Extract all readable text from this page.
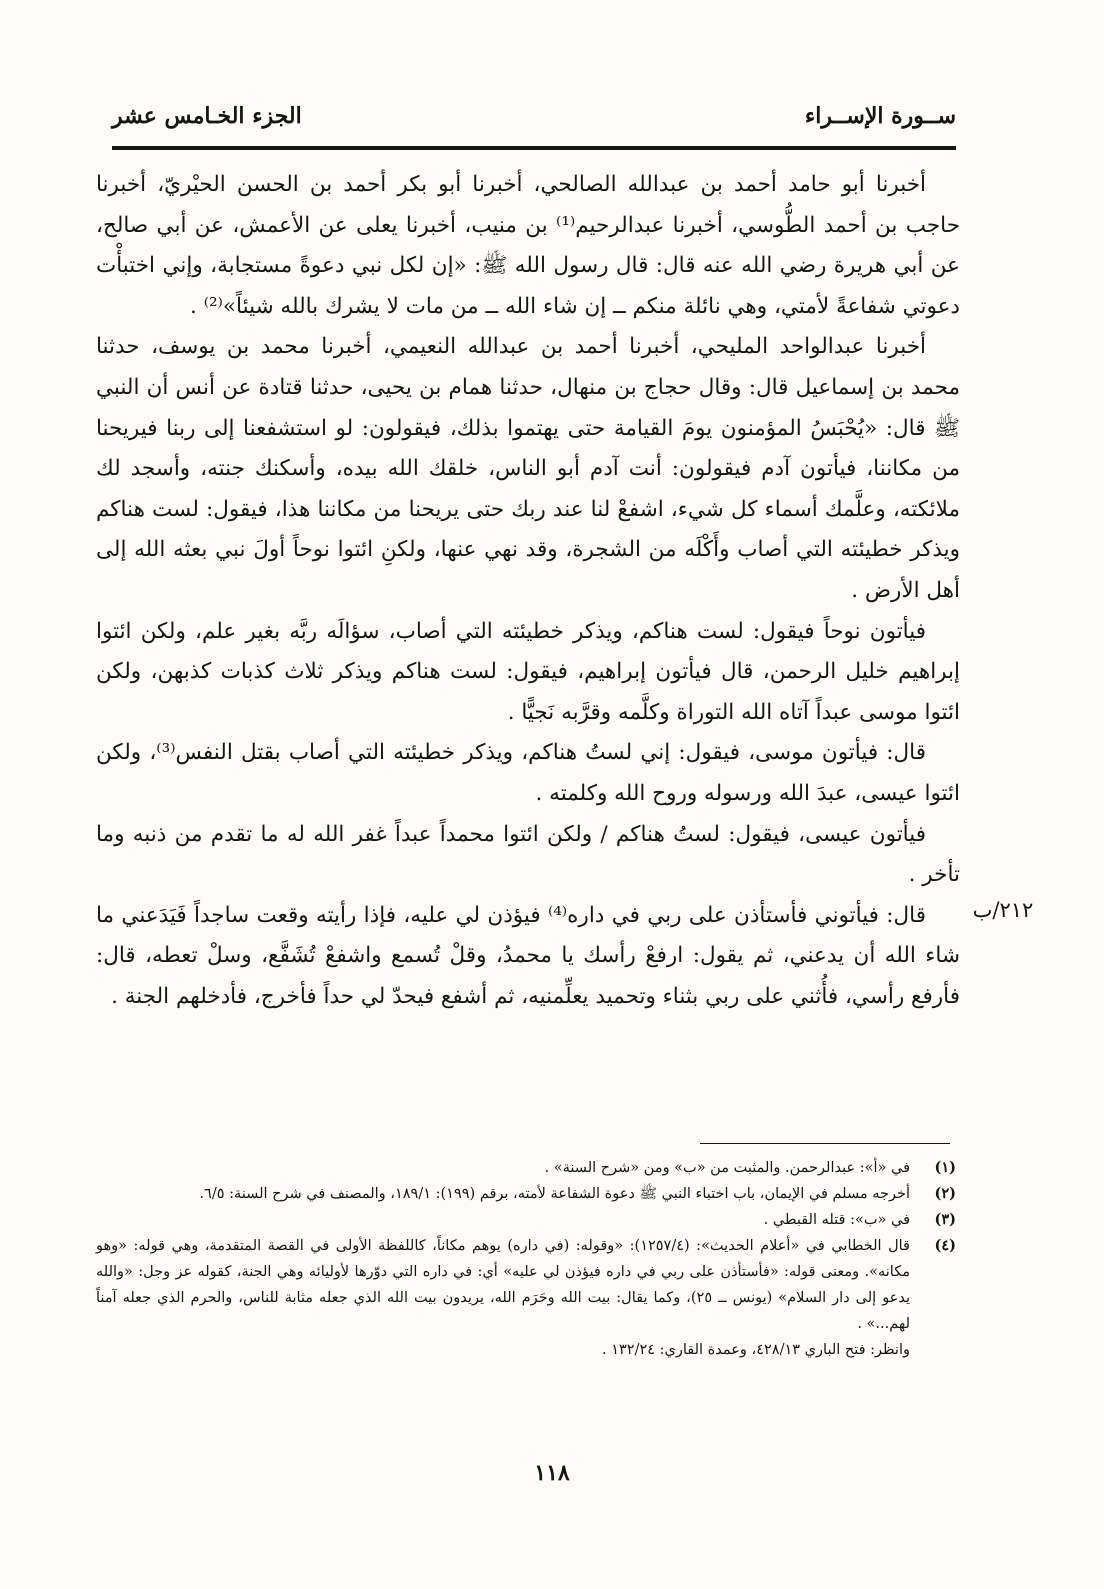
ســورة الإســراء
الجزء الخـامس عشر

أخبرنا أبو حامد أحمد بن عبدالله الصالحي، أخبرنا أبو بكر أحمد بن الحسن الحيْريّ، أخبرنا حاجب بن أحمد الطُّوسي، أخبرنا عبدالرحيم⁽¹⁾ بن منيب، أخبرنا يعلى عن الأعمش، عن أبي صالح، عن أبي هريرة رضي الله عنه قال: قال رسول الله ﷺ: «إن لكل نبي دعوةً مستجابة، وإني اختبأْت دعوتي شفاعةً لأمتي، وهي نائلة منكم ــ إن شاء الله ــ من مات لا يشرك بالله شيئاً»⁽²⁾ .

أخبرنا عبدالواحد المليحي، أخبرنا أحمد بن عبدالله النعيمي، أخبرنا محمد بن يوسف، حدثنا محمد بن إسماعيل قال: وقال حجاج بن منهال، حدثنا همام بن يحيى، حدثنا قتادة عن أنس أن النبي ﷺ قال: «يُحْبَسُ المؤمنون يومَ القيامة حتى يهتموا بذلك، فيقولون: لو استشفعنا إلى ربنا فيريحنا من مكاننا، فيأتون آدم فيقولون: أنت آدم أبو الناس، خلقك الله بيده، وأسكنك جنته، وأسجد لك ملائكته، وعلَّمك أسماء كل شيء، اشفعْ لنا عند ربك حتى يريحنا من مكاننا هذا، فيقول: لست هناكم ويذكر خطيئته التي أصاب وأَكْلَه من الشجرة، وقد نهي عنها، ولكنِ ائتوا نوحاً أولَ نبي بعثه الله إلى أهل الأرض .

فيأتون نوحاً فيقول: لست هناكم، ويذكر خطيئته التي أصاب، سؤالَه ربَّه بغير علم، ولكن ائتوا إبراهيم خليل الرحمن، قال فيأتون إبراهيم، فيقول: لست هناكم ويذكر ثلاث كذبات كذبهن، ولكن ائتوا موسى عبداً آتاه الله التوراة وكلَّمه وقرَّبه نَجيًّا .

قال: فيأتون موسى، فيقول: إني لستُ هناكم، ويذكر خطيئته التي أصاب بقتل النفس⁽³⁾، ولكن ائتوا عيسى، عبدَ الله ورسوله وروح الله وكلمته .

فيأتون عيسى، فيقول: لستُ هناكم / ولكن ائتوا محمداً عبداً غفر الله له ما تقدم من ذنبه وما تأخر .

قال: فيأتوني فأستأذن على ربي في داره⁽⁴⁾ فيؤذن لي عليه، فإذا رأيته وقعت ساجداً فَيَدَعني ما شاء الله أن يدعني، ثم يقول: ارفعْ رأسك يا محمدُ، وقلْ تُسمع واشفعْ تُشَفَّع، وسلْ تعطه، قال: فأرفع رأسي، فأُثني على ربي بثناء وتحميد يعلِّمنيه، ثم أشفع فيحدّ لي حداً فأخرج، فأدخلهم الجنة .

٢١٢/ب
(١)
في «أ»: عبدالرحمن. والمثبت من «ب» ومن «شرح السنة» .
(٢)
أخرجه مسلم في الإيمان، باب اختباء النبي ﷺ دعوة الشفاعة لأمته، برقم (١٩٩): ١٨٩/١، والمصنف في شرح السنة: ٦/٥.
(٣)
في «ب»: قتله القبطي .
(٤)
قال الخطابي في «أعلام الحديث»: (١٢٥٧/٤): «وقوله: (في داره) يوهم مكاناً، كاللفظة الأولى في القصة المتقدمة، وهي قوله: «وهو مكانه». ومعنى قوله: «فأستأذن على ربي في داره فيؤذن لي عليه» أي: في داره التي دوّرها لأوليائه وهي الجنة، كقوله عز وجل: «والله يدعو إلى دار السلام» (يونس ــ ٢٥)، وكما يقال: بيت الله وحَرَم الله، يريدون بيت الله الذي جعله مثابة للناس، والحرم الذي جعله آمناً لهم...» .
وانظر: فتح الباري ٤٢٨/١٣، وعمدة القاري: ١٣٢/٢٤ .
١١٨
